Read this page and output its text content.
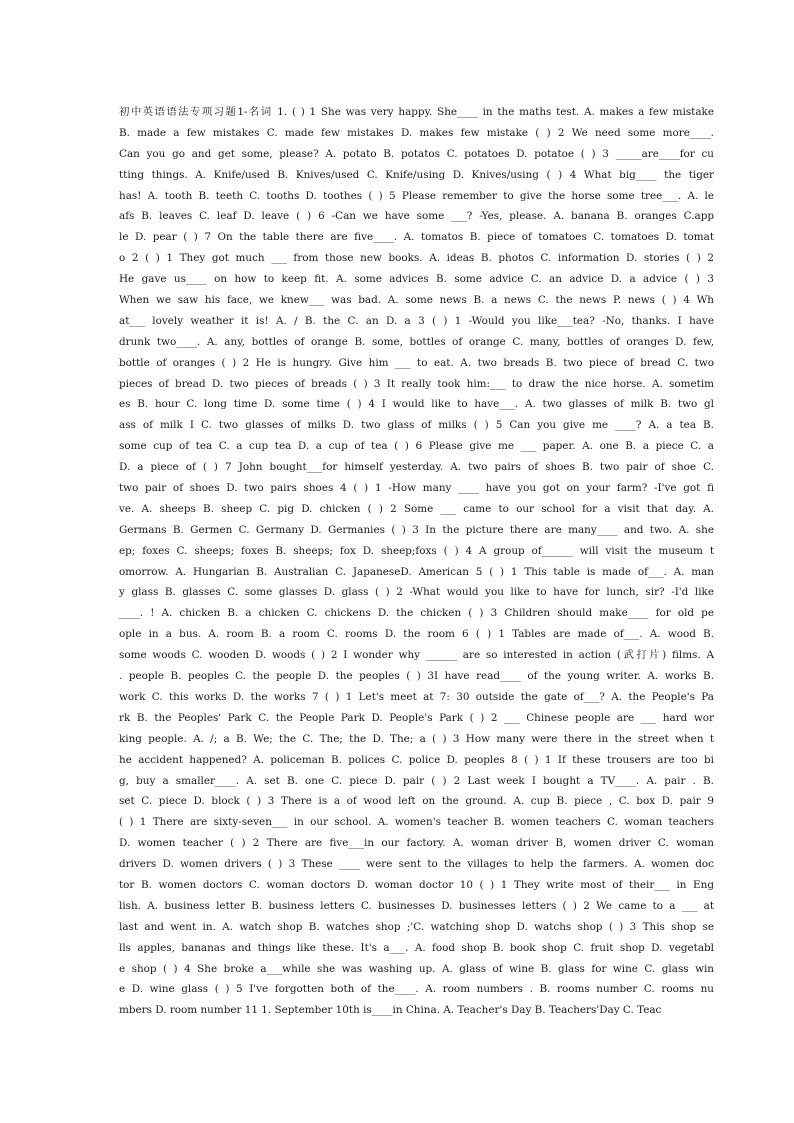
初中英语语法专项习题1-名词 1. ( ) 1 She was very happy. She____ in the maths test. A. makes a few mistake
B. made a few mistakes C. made few mistakes D. makes few mistake ( ) 2 We need some more____.
Can you go and get some, please? A. potato B. potatos C. potatoes D. potatoe ( ) 3 _____are____for cu
tting things. A. Knife/used B. Knives/used C. Knife/using D. Knives/using ( ) 4 What big____ the tiger
has! A. tooth B. teeth C. tooths D. toothes ( ) 5 Please remember to give the horse some tree___. A. le
afs B. leaves C. leaf D. leave ( ) 6 -Can we have some ___? -Yes, please. A. banana B. oranges C.app
le D. pear ( ) 7 On the table there are five____. A. tomatos B. piece of tomatoes C. tomatoes D. tomat
o 2 ( ) 1 They got much ___ from those new books. A. ideas B. photos C. information D. stories ( ) 2
He gave us____ on how to keep fit. A. some advices B. some advice C. an advice D. a advice ( ) 3
When we saw his face, we knew___ was bad. A. some news B. a news C. the news P. news ( ) 4 Wh
at___ lovely weather it is! A. / B. the C. an D. a 3 ( ) 1 -Would you like___tea? -No, thanks. I have
drunk two____. A. any, bottles of orange B. some, bottles of orange C. many, bottles of oranges D. few,
bottle of oranges ( ) 2 He is hungry. Give him ___ to eat. A. two breads B. two piece of bread C. two
pieces of bread D. two pieces of breads ( ) 3 It really took him:___ to draw the nice horse. A. sometim
es B. hour C. long time D. some time ( ) 4 I would like to have___. A. two glasses of milk B. two gl
ass of milk I C. two glasses of milks D. two glass of milks ( ) 5 Can you give me ____? A. a tea B.
some cup of tea C. a cup tea D. a cup of tea ( ) 6 Please give me ___ paper. A. one B. a piece C. a
D. a piece of ( ) 7 John bought___for himself yesterday. A. two pairs of shoes B. two pair of shoe C.
two pair of shoes D. two pairs shoes 4 ( ) 1 -How many ____ have you got on your farm? -I've got fi
ve. A. sheeps B. sheep C. pig D. chicken ( ) 2 Some ___ came to our school for a visit that day. A.
Germans B. Germen C. Germany D. Germanies ( ) 3 In the picture there are many____ and two. A. she
ep; foxes C. sheeps; foxes B. sheeps; fox D. sheep;foxs ( ) 4 A group of______ will visit the museum t
omorrow. A. Hungarian B. Australian C. JapaneseD. American 5 ( ) 1 This table is made of___. A. man
y glass B. glasses C. some glasses D. glass ( ) 2 -What would you like to have for lunch, sir? -I'd like
____. ! A. chicken B. a chicken C. chickens D. the chicken ( ) 3 Children should make____ for old pe
ople in a bus. A. room B. a room C. rooms D. the room 6 ( ) 1 Tables are made of___. A. wood B.
some woods C. wooden D. woods ( ) 2 I wonder why ______ are so interested in action (武打片) films. A
. people B. peoples C. the people D. the peoples ( ) 3I have read____ of the young writer. A. works B.
work C. this works D. the works 7 ( ) 1 Let's meet at 7: 30 outside the gate of___? A. the People's Pa
rk B. the Peoples' Park C. the People Park D. People's Park ( ) 2 ___ Chinese people are ___ hard wor
king people. A. /; a B. We; the C. The; the D. The; a ( ) 3 How many were there in the street when t
he accident happened? A. policeman B. polices C. police D. peoples 8 ( ) 1 If these trousers are too bi
g, buy a smaller____. A. set B. one C. piece D. pair ( ) 2 Last week I bought a TV____. A. pair . B.
set C. piece D. block ( ) 3 There is a of wood left on the ground. A. cup B. piece , C. box D. pair 9
( ) 1 There are sixty-seven___ in our school. A. women's teacher B. women teachers C. woman teachers
D. women teacher ( ) 2 There are five___in our factory. A. woman driver B, women driver C. woman
drivers D. women drivers ( ) 3 These ____ were sent to the villages to help the farmers. A. women doc
tor B. women doctors C. woman doctors D. woman doctor 10 ( ) 1 They write most of their___ in Eng
lish. A. business letter B. business letters C. businesses D. businesses letters ( ) 2 We came to a ___ at
last and went in. A. watch shop B. watches shop ;'C. watching shop D. watchs shop ( ) 3 This shop se
lls apples, bananas and things like these. It's a___. A. food shop B. book shop C. fruit shop D. vegetabl
e shop ( ) 4 She broke a___while she was washing up. A. glass of wine B. glass for wine C. glass win
e D. wine glass ( ) 5 I've forgotten both of the____. A. room numbers . B. rooms number C. rooms nu
mbers D. room number 11 1. September 10th is____in China. A. Teacher's Day B. Teachers'Day C. Teac
